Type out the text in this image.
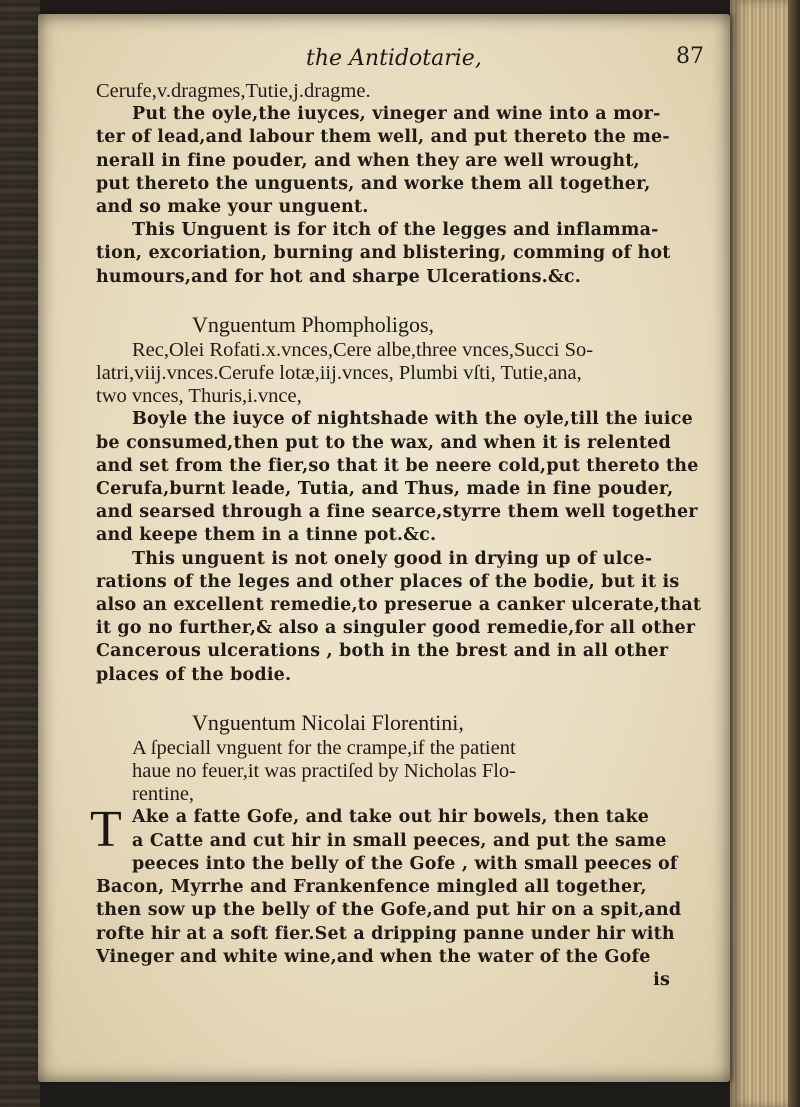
the Antidotarie,	87
Cerufe,v.dragmes,Tutie,j.dragme.
Put the oyle,the iuyces, vineger and wine into a mor-
ter of lead,and labour them well, and put thereto the me-
nerall in fine pouder, and when they are well wrought,
put thereto the unguents, and worke them all together,
and so make your unguent.
This Unguent is for itch of the legges and inflamma-
tion, excoriation, burning and blistering, comming of hot
humours,and for hot and sharpe Ulcerations.&c.
Vnguentum Phompholigos,
Rec,Olei Rofati.x.vnces,Cere albe,three vnces,Succi So-
latri,viij.vnces.Cerufe lotæ,iij.vnces, Plumbi vſti, Tutie,ana,
two vnces, Thuris,i.vnce,
Boyle the iuyce of nightshade with the oyle,till the iuice
be consumed,then put to the wax, and when it is relented
and set from the fier,so that it be neere cold,put thereto the
Cerufa,burnt leade, Tutia, and Thus, made in fine pouder,
and searsed through a fine searce,styrre them well together
and keepe them in a tinne pot.&c.
This unguent is not onely good in drying up of ulce-
rations of the leges and other places of the bodie, but it is
also an excellent remedie,to preserue a canker ulcerate,that
it go no further,& also a singuler good remedie,for all other
Cancerous ulcerations , both in the brest and in all other
places of the bodie.
Vnguentum Nicolai Florentini,
A ſpeciall vnguent for the crampe,if the patient
haue no feuer,it was practiſed by Nicholas Flo-
rentine,
T Ake a fatte Gofe, and take out hir bowels, then take
a Catte and cut hir in small peeces, and put the same
peeces into the belly of the Gofe , with small peeces of
Bacon, Myrrhe and Frankenfence mingled all together,
then sow up the belly of the Gofe,and put hir on a spit,and
rofte hir at a soft fier.Set a dripping panne under hir with
Vineger and white wine,and when the water of the Gofe
is
